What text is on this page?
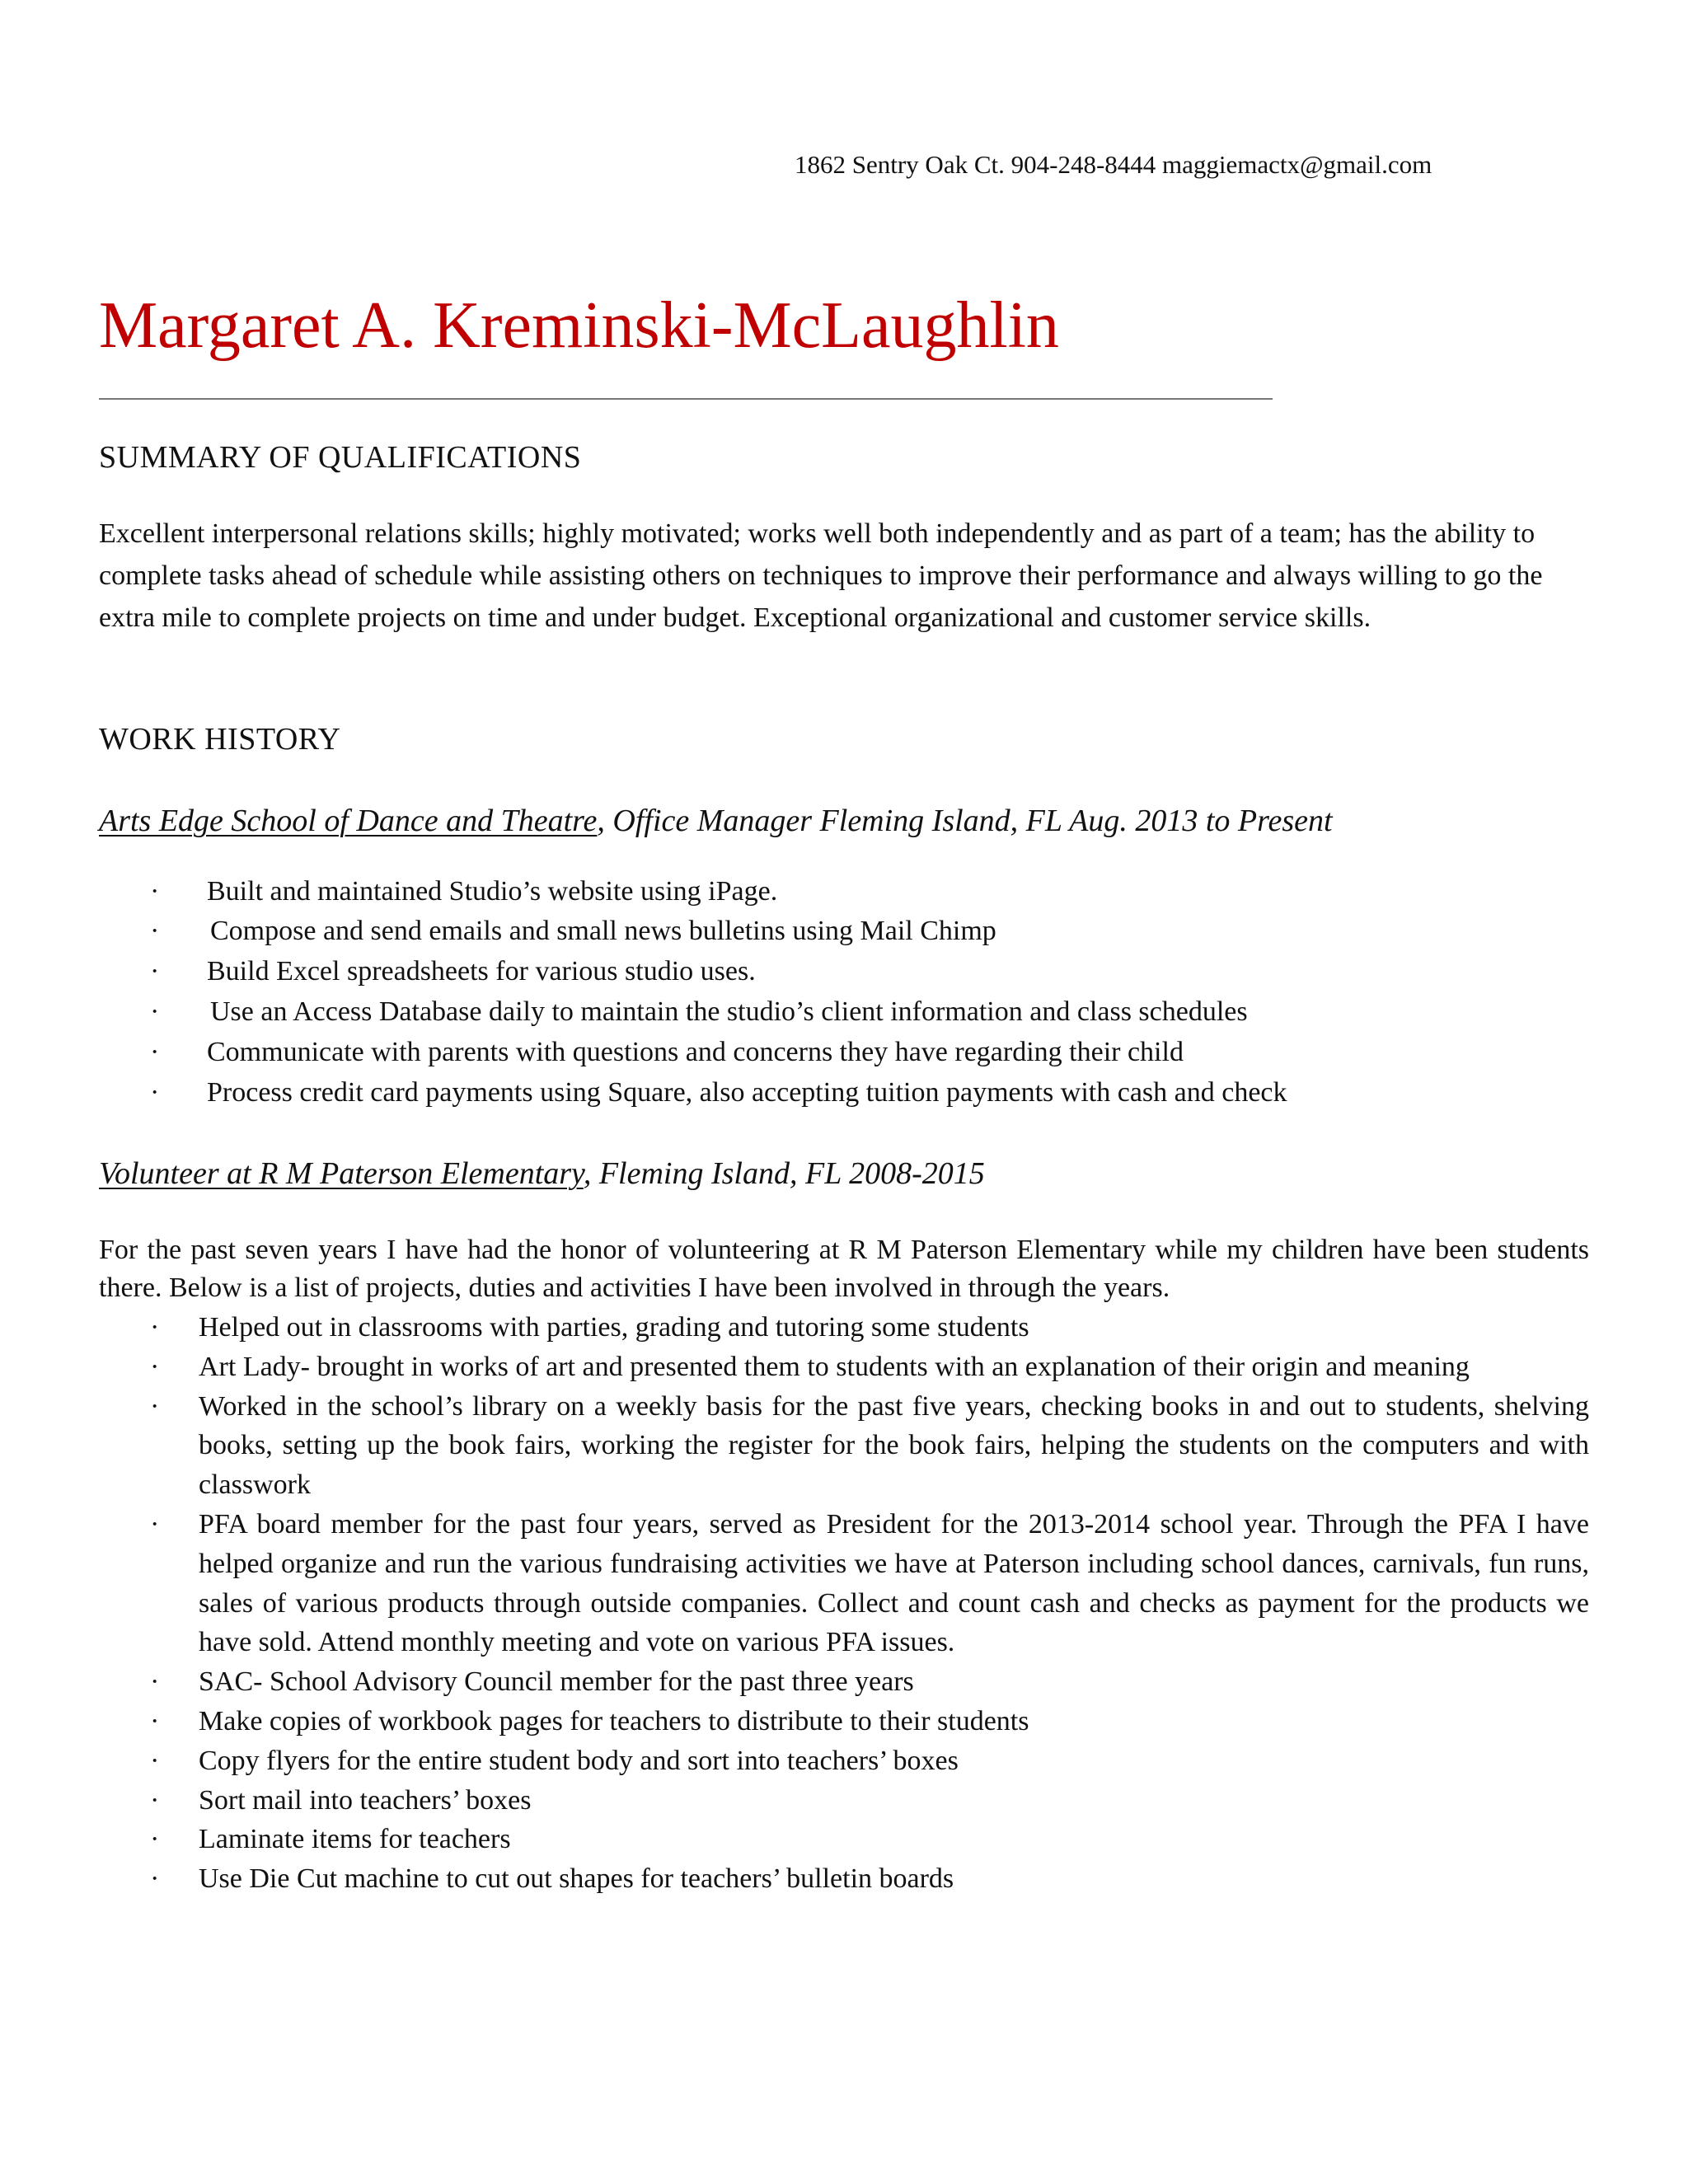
1862 Sentry Oak Ct. 904-248-8444 maggiemactx@gmail.com
Margaret A. Kreminski-McLaughlin
SUMMARY OF QUALIFICATIONS
Excellent interpersonal relations skills; highly motivated; works well both independently and as part of a team; has the ability to complete tasks ahead of schedule while assisting others on techniques to improve their performance and always willing to go the extra mile to complete projects on time and under budget. Exceptional organizational and customer service skills.
WORK HISTORY
Arts Edge School of Dance and Theatre, Office Manager Fleming Island, FL Aug. 2013 to Present
· Built and maintained Studio’s website using iPage.
· Compose and send emails and small news bulletins using Mail Chimp
· Build Excel spreadsheets for various studio uses.
· Use an Access Database daily to maintain the studio’s client information and class schedules
· Communicate with parents with questions and concerns they have regarding their child
· Process credit card payments using Square, also accepting tuition payments with cash and check
Volunteer at R M Paterson Elementary, Fleming Island, FL 2008-2015
For the past seven years I have had the honor of volunteering at R M Paterson Elementary while my children have been students there. Below is a list of projects, duties and activities I have been involved in through the years.
· Helped out in classrooms with parties, grading and tutoring some students
· Art Lady- brought in works of art and presented them to students with an explanation of their origin and meaning
· Worked in the school’s library on a weekly basis for the past five years, checking books in and out to students, shelving books, setting up the book fairs, working the register for the book fairs, helping the students on the computers and with classwork
· PFA board member for the past four years, served as President for the 2013-2014 school year. Through the PFA I have helped organize and run the various fundraising activities we have at Paterson including school dances, carnivals, fun runs, sales of various products through outside companies. Collect and count cash and checks as payment for the products we have sold. Attend monthly meeting and vote on various PFA issues.
· SAC- School Advisory Council member for the past three years
· Make copies of workbook pages for teachers to distribute to their students
· Copy flyers for the entire student body and sort into teachers’ boxes
· Sort mail into teachers’ boxes
· Laminate items for teachers
· Use Die Cut machine to cut out shapes for teachers’ bulletin boards
